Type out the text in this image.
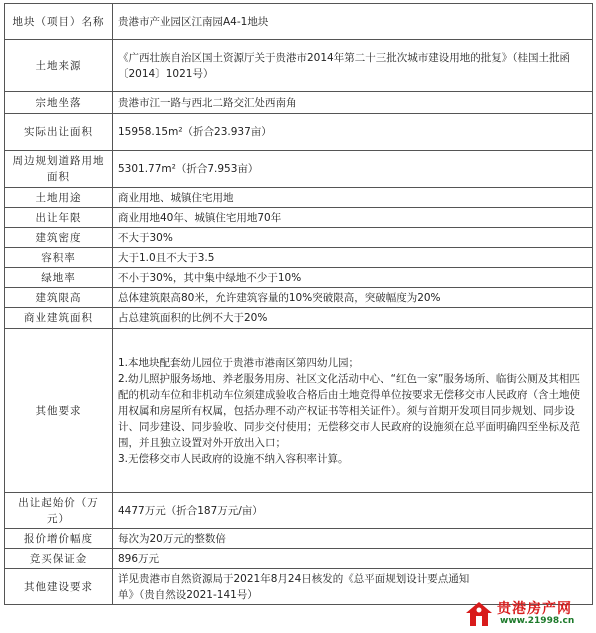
地块（项目）名称	贵港市产业园区江南园A4-1地块
土地来源	《广西壮族自治区国土资源厅关于贵港市2014年第二十三批次城市建设用地的批复》（桂国土批函〔2014〕1021号）
宗地坐落	贵港市江一路与西北二路交汇处西南角
实际出让面积	15958.15m²（折合23.937亩）
周边规划道路用地面积	5301.77m²（折合7.953亩）
土地用途	商业用地、城镇住宅用地
出让年限	商业用地40年、城镇住宅用地70年
建筑密度	不大于30%
容积率	大于1.0且不大于3.5
绿地率	不小于30%，其中集中绿地不少于10%
建筑限高	总体建筑限高80米，允许建筑容量的10%突破限高，突破幅度为20%
商业建筑面积	占总建筑面积的比例不大于20%
其他要求	1.本地块配套幼儿园位于贵港市港南区第四幼儿园；
2.幼儿照护服务场地、养老服务用房、社区文化活动中心、“红色一家”服务场所、临街公厕及其相匹配的机动车位和非机动车位须建成验收合格后由土地竞得单位按要求无偿移交市人民政府（含土地使用权属和房屋所有权属，包括办理不动产权证书等相关证件）。须与首期开发项目同步规划、同步设计、同步建设、同步验收、同步交付使用；无偿移交市人民政府的设施须在总平面明确四至坐标及范围，并且独立设置对外开放出入口；
3.无偿移交市人民政府的设施不纳入容积率计算。

出让起始价（万元）	4477万元（折合187万元/亩）
报价增价幅度	每次为20万元的整数倍
竞买保证金	896万元
其他建设要求	详见贵港市自然资源局于2021年8月24日核发的《总平面规划设计要点通知单》（贵自然设2021-141号）
贵港房产网
www.21998.cn
